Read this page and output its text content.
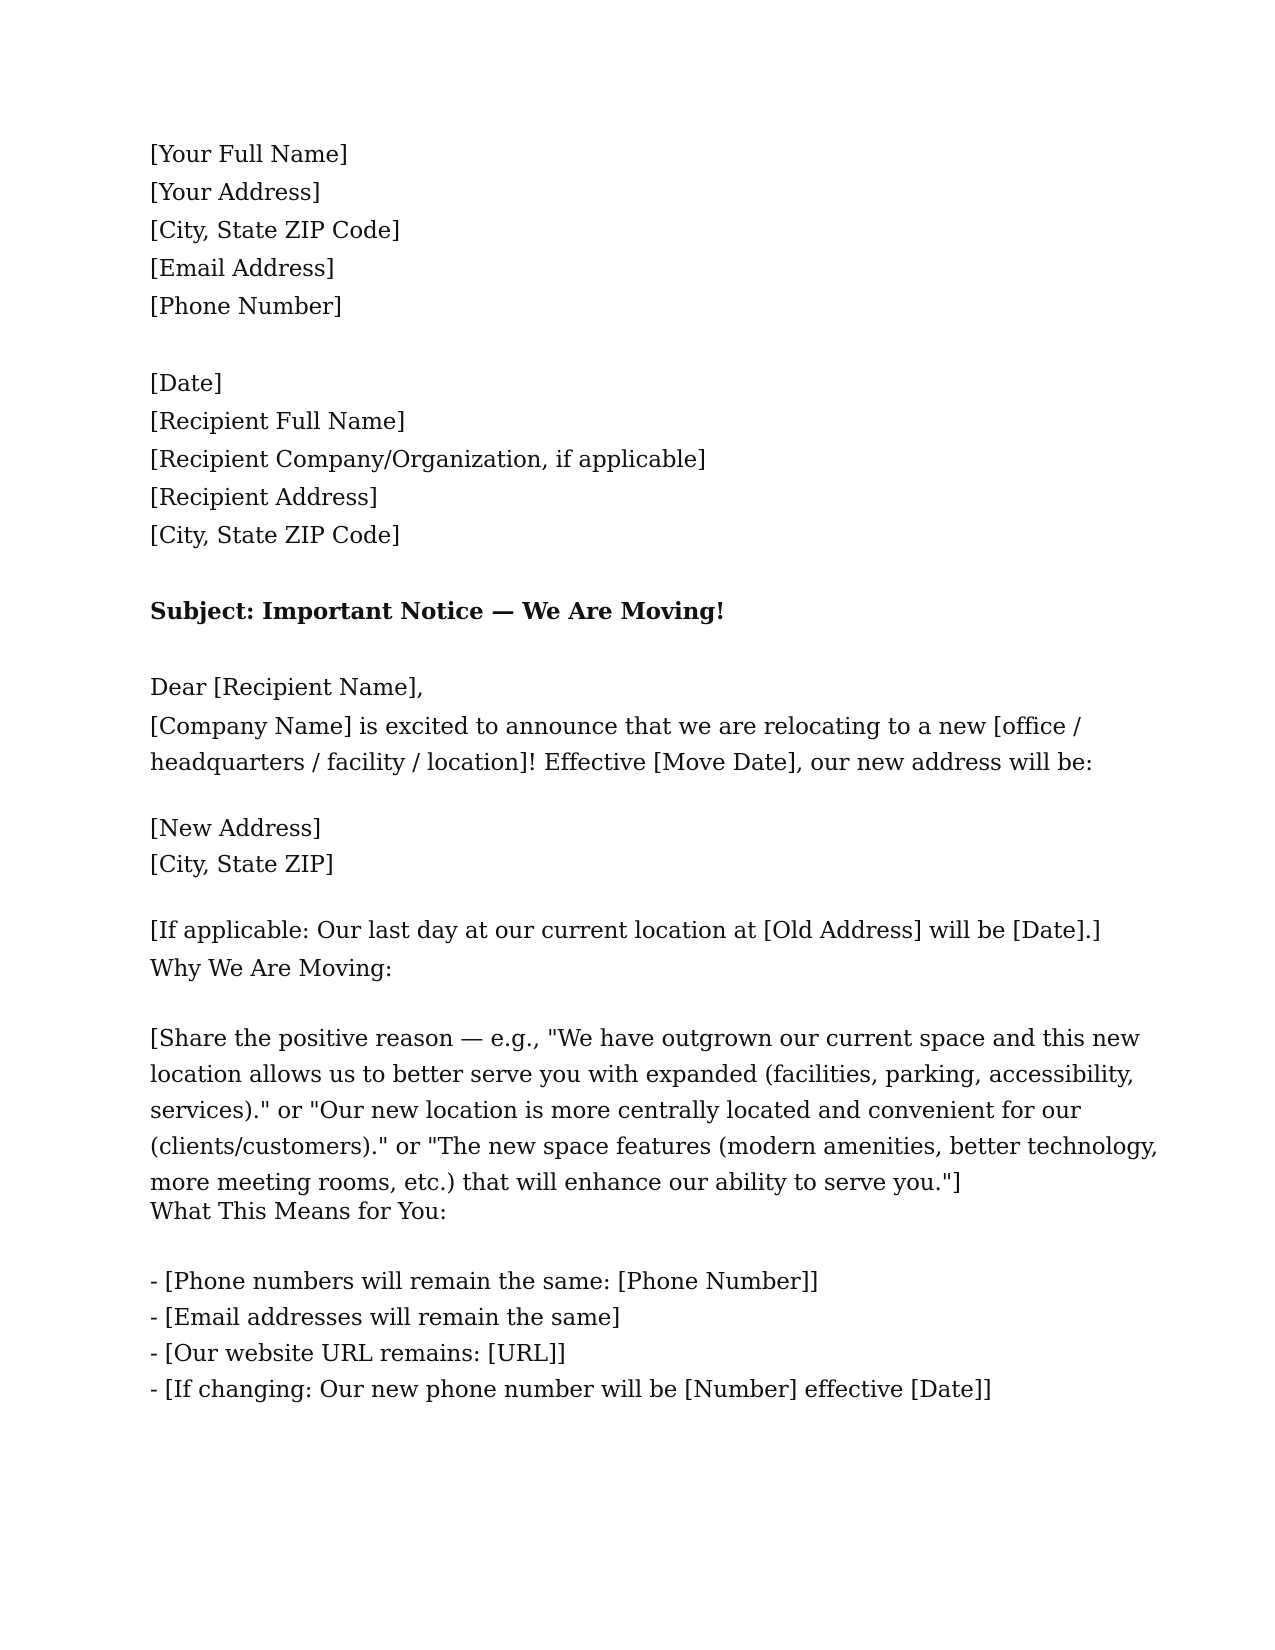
[Your Full Name]
[Your Address]
[City, State ZIP Code]
[Email Address]
[Phone Number]
[Date]
[Recipient Full Name]
[Recipient Company/Organization, if applicable]
[Recipient Address]
[City, State ZIP Code]
Subject: Important Notice — We Are Moving!
Dear [Recipient Name],
[Company Name] is excited to announce that we are relocating to a new [office /
headquarters / facility / location]! Effective [Move Date], our new address will be:
[New Address]
[City, State ZIP]
[If applicable: Our last day at our current location at [Old Address] will be [Date].]
Why We Are Moving:
[Share the positive reason — e.g., "We have outgrown our current space and this new
location allows us to better serve you with expanded (facilities, parking, accessibility,
services)." or "Our new location is more centrally located and convenient for our
(clients/customers)." or "The new space features (modern amenities, better technology,
more meeting rooms, etc.) that will enhance our ability to serve you."]
What This Means for You:
- [Phone numbers will remain the same: [Phone Number]]
- [Email addresses will remain the same]
- [Our website URL remains: [URL]]
- [If changing: Our new phone number will be [Number] effective [Date]]
